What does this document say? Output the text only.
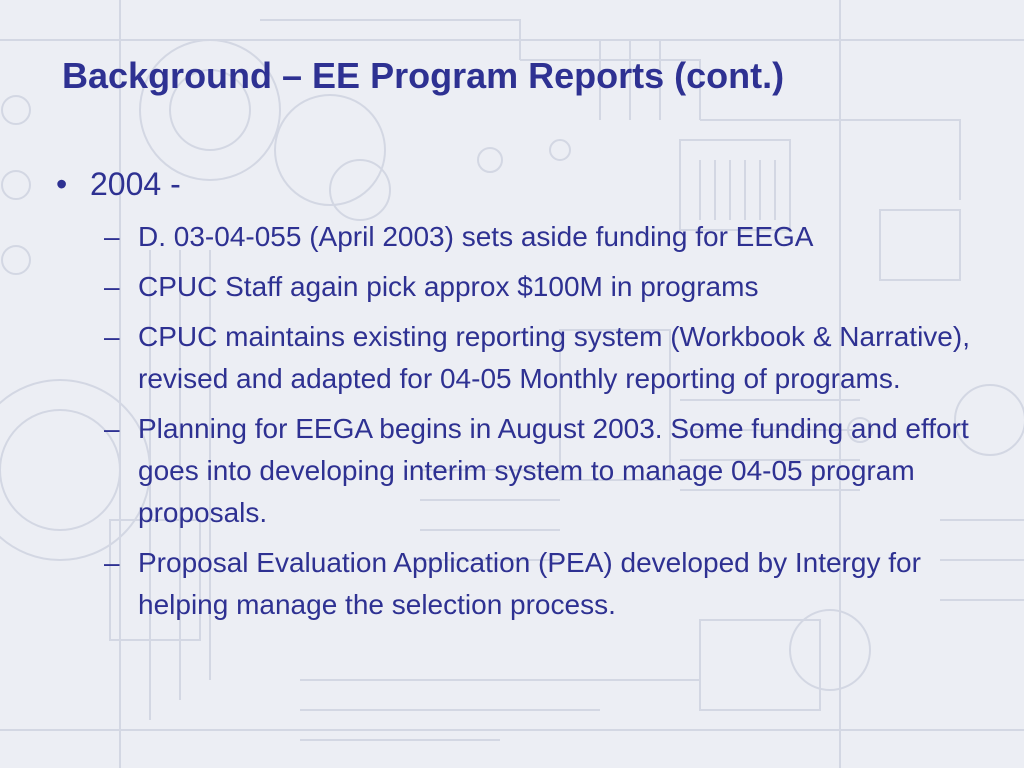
Background – EE Program Reports (cont.)
• 2004 -
– D. 03-04-055 (April 2003) sets aside funding for EEGA
– CPUC Staff again pick approx $100M in programs
– CPUC maintains existing reporting system (Workbook & Narrative), revised and adapted for 04-05 Monthly reporting of programs.
– Planning for EEGA begins in August 2003. Some funding and effort goes into developing interim system to manage 04-05 program proposals.
– Proposal Evaluation Application (PEA) developed by Intergy for helping manage the selection process.
